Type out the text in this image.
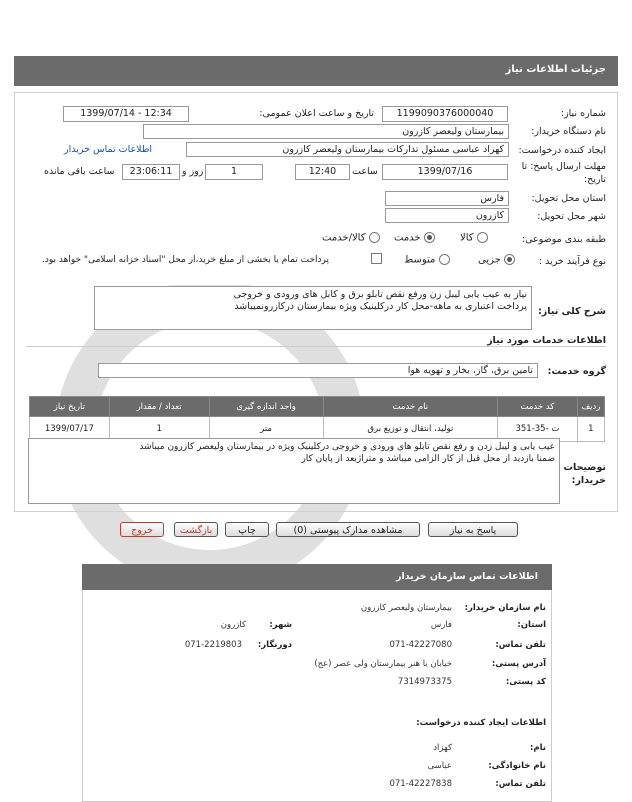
جزئیات اطلاعات نیاز
شماره نیاز:
1199090376000040
تاریخ و ساعت اعلان عمومی:
1399/07/14 - 12:34
نام دستگاه خریدار:
بیمارستان ولیعصر کازرون
ایجاد کننده درخواست:
کهزاد عباسی مسئول تدارکات بیمارستان ولیعصر کازرون
اطلاعات تماس خریدار
مهلت ارسال پاسخ: تا
تاریخ:
1399/07/16
ساعت
12:40
1
روز و
23:06:11
ساعت باقی مانده
استان محل تحویل:
فارس
شهر محل تحویل:
کازرون
طبقه بندی موضوعی:
کالا
خدمت
کالا/خدمت
نوع فرآیند خرید :
جزیی
متوسط
پرداخت تمام یا بخشی از مبلغ خرید،از محل "اسناد خزانه اسلامی" خواهد بود.
شرح کلی نیاز:
نیاز به عیب یابی لیبل زن ورفع نقص تابلو برق و کابل های ورودی و خروجی
پرداخت اعتباری به ماهه-محل کار درکلینیک ویژه بیمارستان درکازرونمیباشد
اطلاعات خدمات مورد نیاز
گروه خدمت:
تامین برق، گاز، بخار و تهویه هوا
ردیف	کد خدمت	نام خدمت	واحد اندازه گیری	تعداد / مقدار	تاریخ نیاز
1	ت -35-351	تولید، انتقال و توزیع برق	متر	1	1399/07/17
توضیحات
خریدار:
عیب یابی و لیبل زدن و رفع نقص تابلو های ورودی و خروجی درکلینیک ویژه در بیمارستان ولیعصر کازرون میباشد
ضمنا بازدید از محل قبل از کار الزامی میباشد و متراژبعد از پایان کار
پاسخ به نیاز
مشاهده مدارک پیوستی (0)
چاپ
بازگشت
خروج
اطلاعات تماس سازمان خریدار
نام سازمان خریدار:
بیمارستان ولیعصر کازرون
استان:
فارس
شهر:
کازرون
تلفن تماس:
071-42227080
دورنگار:
071-2219803
آدرس پستی:
خیابان با هنر بیمارستان ولی عصر (عج)
کد پستی:
7314973375
اطلاعات ایجاد کننده درخواست:
نام:
کهزاد
نام خانوادگی:
عباسی
تلفن تماس:
071-42227838
